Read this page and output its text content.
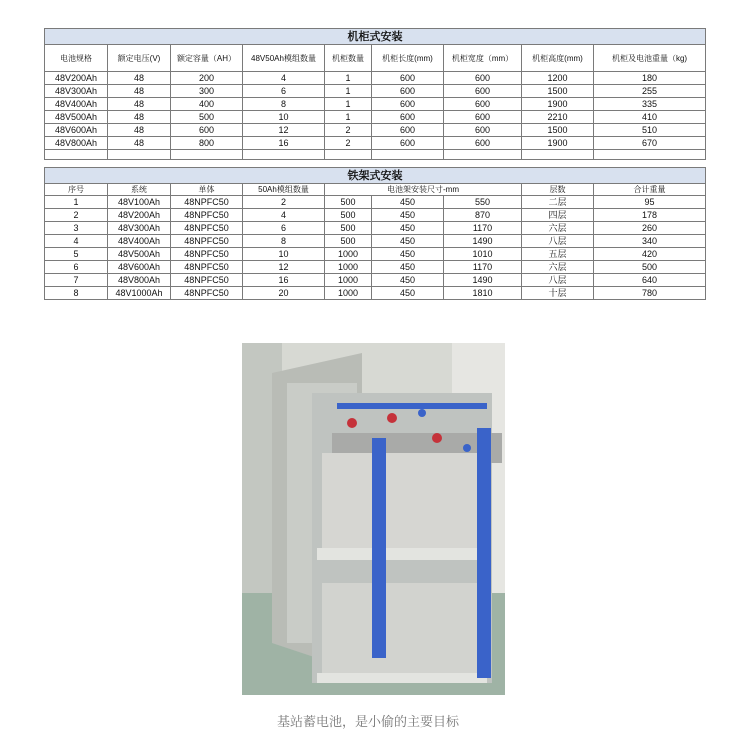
机柜式安装								
电池规格	额定电压(V)	额定容量（AH）	48V50Ah模组数量	机柜数量	机柜长度(mm)	机柜宽度（mm）	机柜高度(mm)	机柜及电池重量（kg)
48V200Ah	48	200	4	1	600	600	1200	180
48V300Ah	48	300	6	1	600	600	1500	255
48V400Ah	48	400	8	1	600	600	1900	335
48V500Ah	48	500	10	1	600	600	2210	410
48V600Ah	48	600	12	2	600	600	1500	510
48V800Ah	48	800	16	2	600	600	1900	670

铁架式安装								
序号	系统	单体	50Ah模组数量	电池架安装尺寸-mm			层数	合计重量
1	48V100Ah	48NPFC50	2	500	450	550	二层	95
2	48V200Ah	48NPFC50	4	500	450	870	四层	178
3	48V300Ah	48NPFC50	6	500	450	1170	六层	260
4	48V400Ah	48NPFC50	8	500	450	1490	八层	340
5	48V500Ah	48NPFC50	10	1000	450	1010	五层	420
6	48V600Ah	48NPFC50	12	1000	450	1170	六层	500
7	48V800Ah	48NPFC50	16	1000	450	1490	八层	640
8	48V1000Ah	48NPFC50	20	1000	450	1810	十层	780
基站蓄电池，是小偷的主要目标
